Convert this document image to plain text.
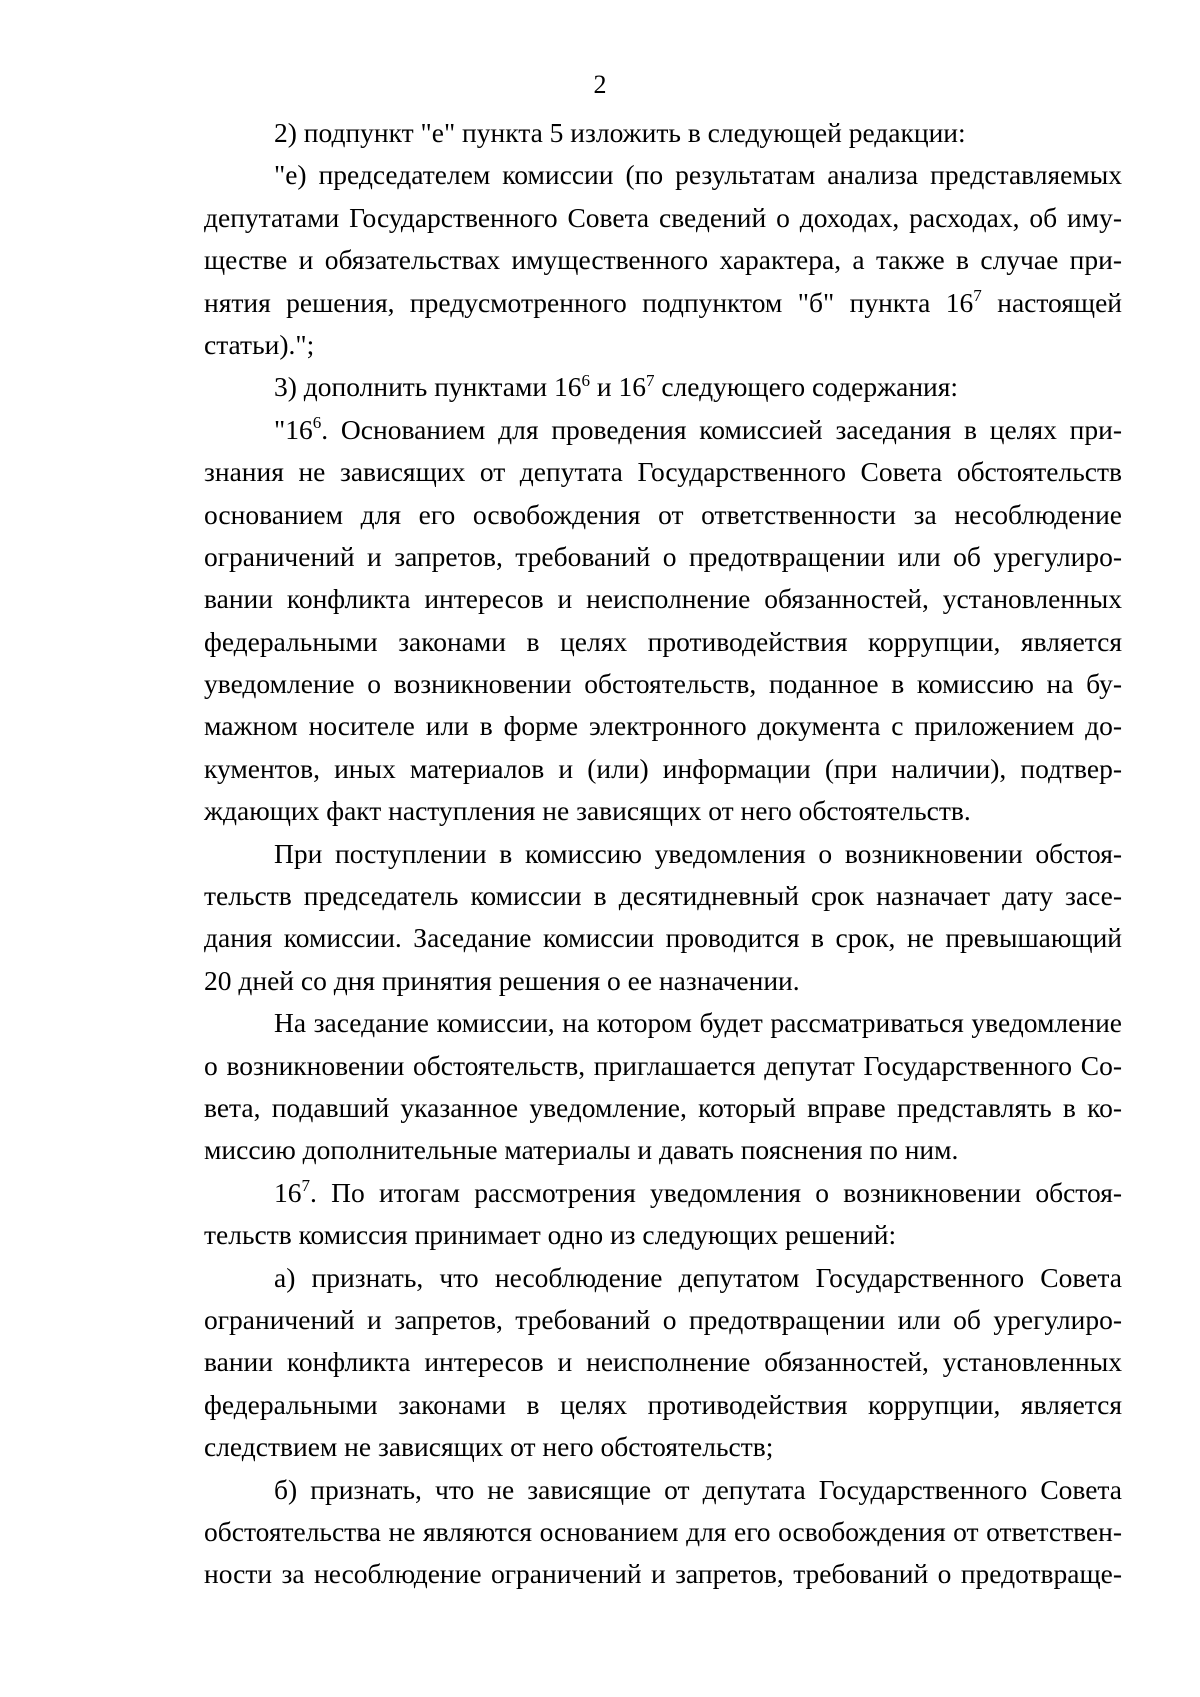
2
2) подпункт "е" пункта 5 изложить в следующей редакции:
"е) председателем комиссии (по результатам анализа представляемых
депутатами Государственного Совета сведений о доходах, расходах, об иму-
ществе и обязательствах имущественного характера, а также в случае при-
нятия решения, предусмотренного подпунктом "б" пункта $16^7$ настоящей
статьи).";
3) дополнить пунктами $16^6$ и $16^7$ следующего содержания:
"$16^6$. Основанием для проведения комиссией заседания в целях при-
знания не зависящих от депутата Государственного Совета обстоятельств
основанием для его освобождения от ответственности за несоблюдение
ограничений и запретов, требований о предотвращении или об урегулиро-
вании конфликта интересов и неисполнение обязанностей, установленных
федеральными законами в целях противодействия коррупции, является
уведомление о возникновении обстоятельств, поданное в комиссию на бу-
мажном носителе или в форме электронного документа с приложением до-
кументов, иных материалов и (или) информации (при наличии), подтвер-
ждающих факт наступления не зависящих от него обстоятельств.
При поступлении в комиссию уведомления о возникновении обстоя-
тельств председатель комиссии в десятидневный срок назначает дату засе-
дания комиссии. Заседание комиссии проводится в срок, не превышающий
20 дней со дня принятия решения о ее назначении.
На заседание комиссии, на котором будет рассматриваться уведомление
о возникновении обстоятельств, приглашается депутат Государственного Со-
вета, подавший указанное уведомление, который вправе представлять в ко-
миссию дополнительные материалы и давать пояснения по ним.
$16^7$. По итогам рассмотрения уведомления о возникновении обстоя-
тельств комиссия принимает одно из следующих решений:
а) признать, что несоблюдение депутатом Государственного Совета
ограничений и запретов, требований о предотвращении или об урегулиро-
вании конфликта интересов и неисполнение обязанностей, установленных
федеральными законами в целях противодействия коррупции, является
следствием не зависящих от него обстоятельств;
б) признать, что не зависящие от депутата Государственного Совета
обстоятельства не являются основанием для его освобождения от ответствен-
ности за несоблюдение ограничений и запретов, требований о предотвраще-
